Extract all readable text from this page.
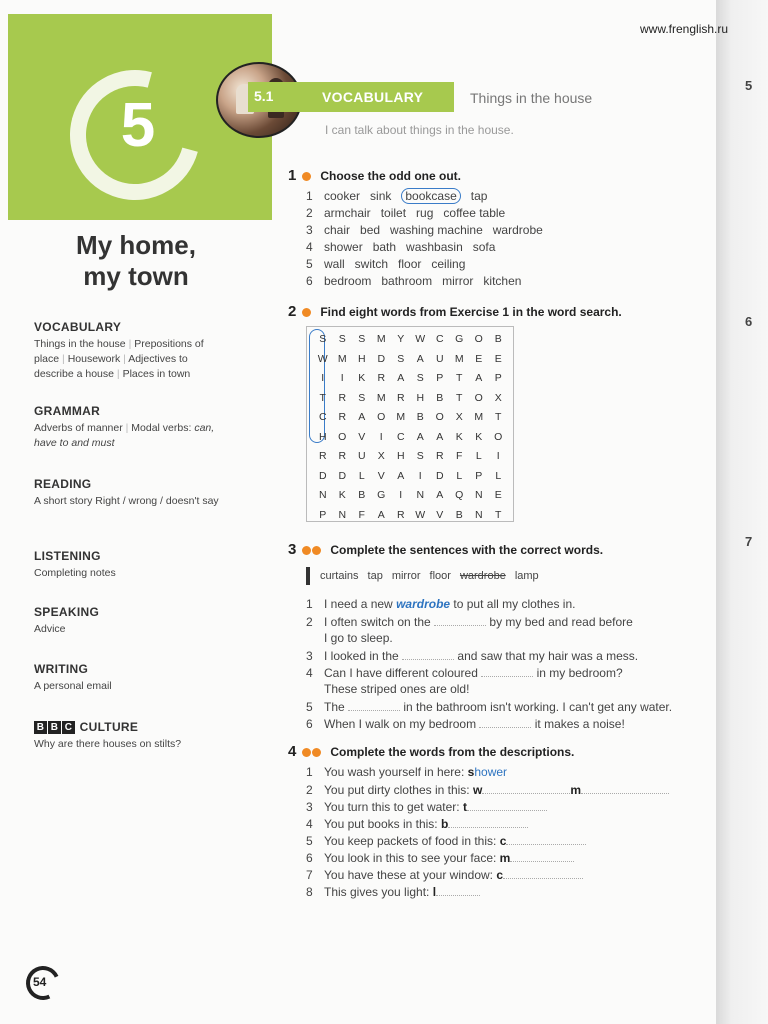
5
6
7
www.frenglish.ru
5	5.1	VOCABULARY	Things in the house
I can talk about things in the house.
My home,
my town
VOCABULARY
Things in the house | Prepositions of place | Housework | Adjectives to describe a house | Places in town
GRAMMAR
Adverbs of manner | Modal verbs: can, have to and must
READING
A short story Right / wrong / doesn't say
LISTENING
Completing notes
SPEAKING
Advice
WRITING
A personal email
B B C CULTURE
Why are there houses on stilts?
1 Choose the odd one out.
1 cooker sink bookcase tap
2 armchair toilet rug coffee table
3 chair bed washing machine wardrobe
4 shower bath washbasin sofa
5 wall switch floor ceiling
6 bedroom bathroom mirror kitchen
2 Find eight words from Exercise 1 in the word search.
S	S	S	M	Y	W	C	G	O	B
W M	H	D	S	A	U	M	E	E
I	I	K	R	A	S	P	T	A	P
T	R	S	M	R	H	B	T	O	X
C	R	A	O	M	B	O	X	M	T
H	O	V	I	C	A	A	K	K	O
R	R	U	X	H	S	R	F	L	I
D	D	L	V	A	I	D	L	P	L
N	K	B	G	I	N	A	Q	N	E
P	N	F	A	R	W	V	B	N	T
3	Complete the sentences with the correct words.
curtains tap mirror floor wardrobe lamp
1 I need a new wardrobe to put all my clothes in.
2 I often switch on the	by my bed and read before
I go to sleep.
3 I looked in the	and saw that my hair was a mess.
4 Can I have different coloured	in my bedroom?
These striped ones are old!
5 The	in the bathroom isn't working. I can't get any water.
6 When I walk on my bedroom	it makes a noise!
4	Complete the words from the descriptions.
1 You wash yourself in here: shower
2 You put dirty clothes in this: w	m
3 You turn this to get water: t
4 You put books in this: b
5 You keep packets of food in this: c
6 You look in this to see your face: m
7 You have these at your window: c
8 This gives you light: l
54
